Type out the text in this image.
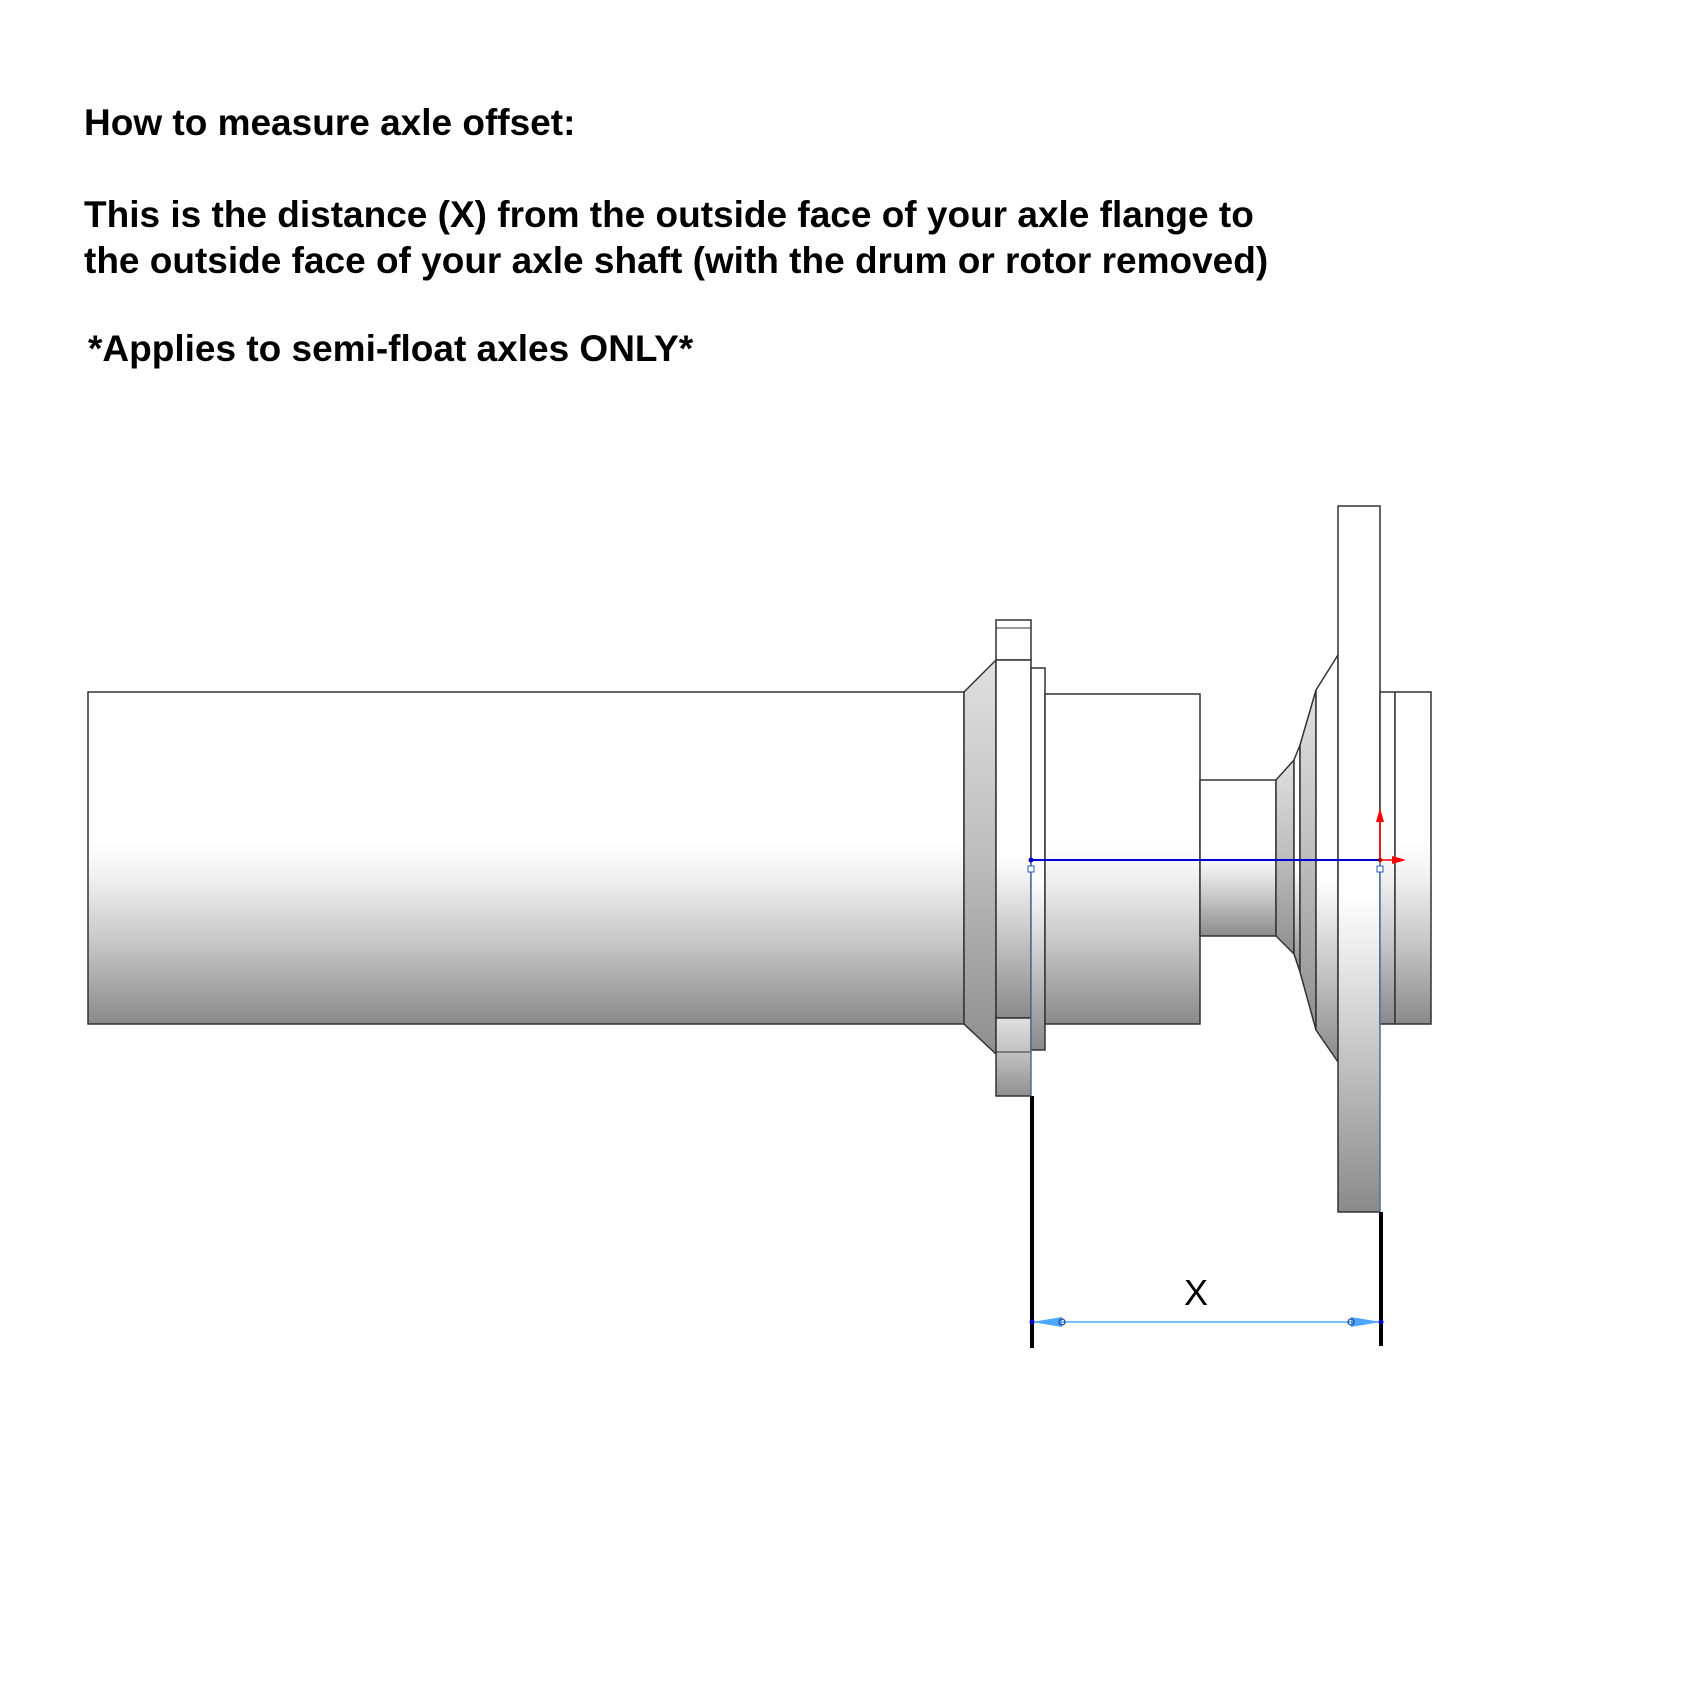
How to measure axle offset:

This is the distance (X) from the outside face of your axle flange to the outside face of your axle shaft (with the drum or rotor removed)

*Applies to semi-float axles ONLY*

X
